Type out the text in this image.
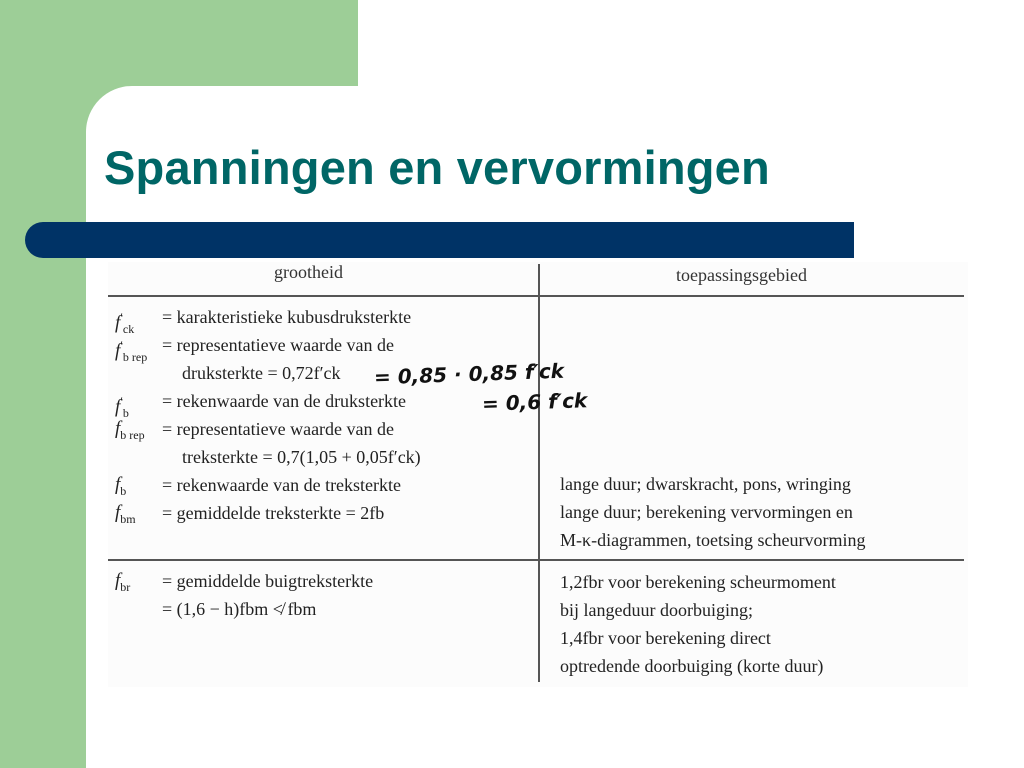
Spanningen en vervormingen
grootheid	toepassingsgebied
$f'_{ck}$
= karakteristieke kubusdruksterkte
$f'_{b rep}$
= representatieve waarde van de
druksterkte = 0,72f′ck
$f'_b$
= rekenwaarde van de druksterkte
$f_{b rep}$ = representatieve waarde van de
treksterkte = 0,7(1,05 + 0,05f′ck)
$f_b$ = rekenwaarde van de treksterkte
$f_{bm}$ = gemiddelde treksterkte = 2fb
$f_{br}$ = gemiddelde buigtreksterkte
= (1,6 − h)fbm ≮ fbm
= 0,85 · 0,85 f′ck
= 0,6 f′ck
lange duur; dwarskracht, pons, wringing
lange duur; berekening vervormingen en
M-κ-diagrammen, toetsing scheurvorming
1,2fbr voor berekening scheurmoment
bij langeduur doorbuiging;
1,4fbr voor berekening direct
optredende doorbuiging (korte duur)
